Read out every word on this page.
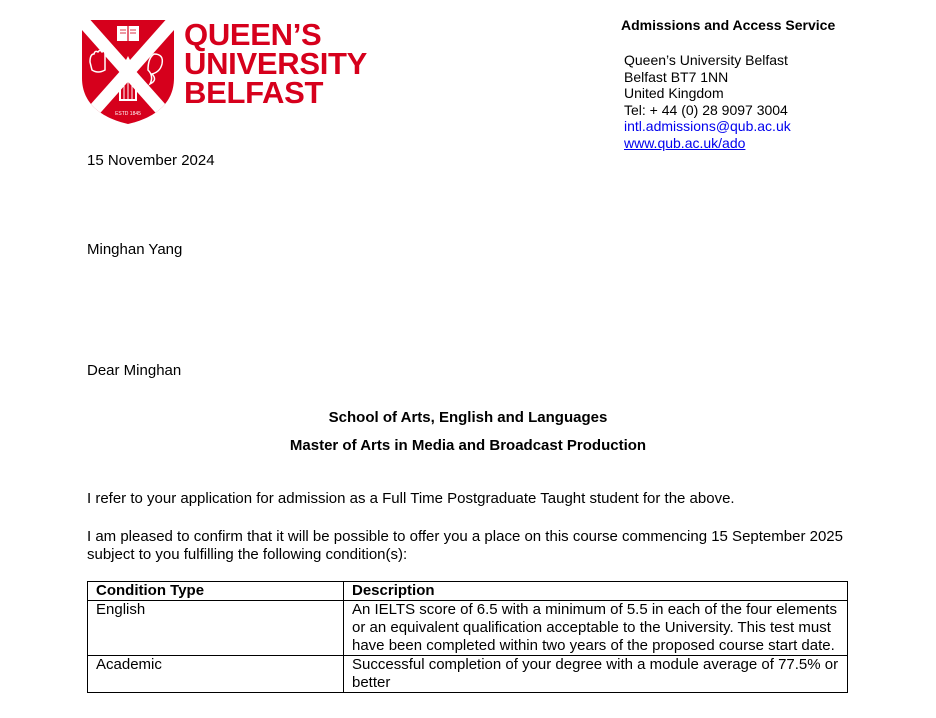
ESTD 1845
QUEEN’S
UNIVERSITY
BELFAST
Admissions and Access Service
Queen’s University Belfast
Belfast BT7 1NN
United Kingdom
Tel: + 44 (0) 28 9097 3004
intl.admissions@qub.ac.uk
www.qub.ac.uk/ado
15 November 2024
Minghan Yang
Dear Minghan
School of Arts, English and Languages
Master of Arts in Media and Broadcast Production
I refer to your application for admission as a Full Time Postgraduate Taught student for the above.
I am pleased to confirm that it will be possible to offer you a place on this course commencing 15 September 2025 subject to you fulfilling the following condition(s):
Condition Type	Description
English	An IELTS score of 6.5 with a minimum of 5.5 in each of the four elements or an equivalent qualification acceptable to the University. This test must have been completed within two years of the proposed course start date.
Academic	Successful completion of your degree with a module average of 77.5% or better
